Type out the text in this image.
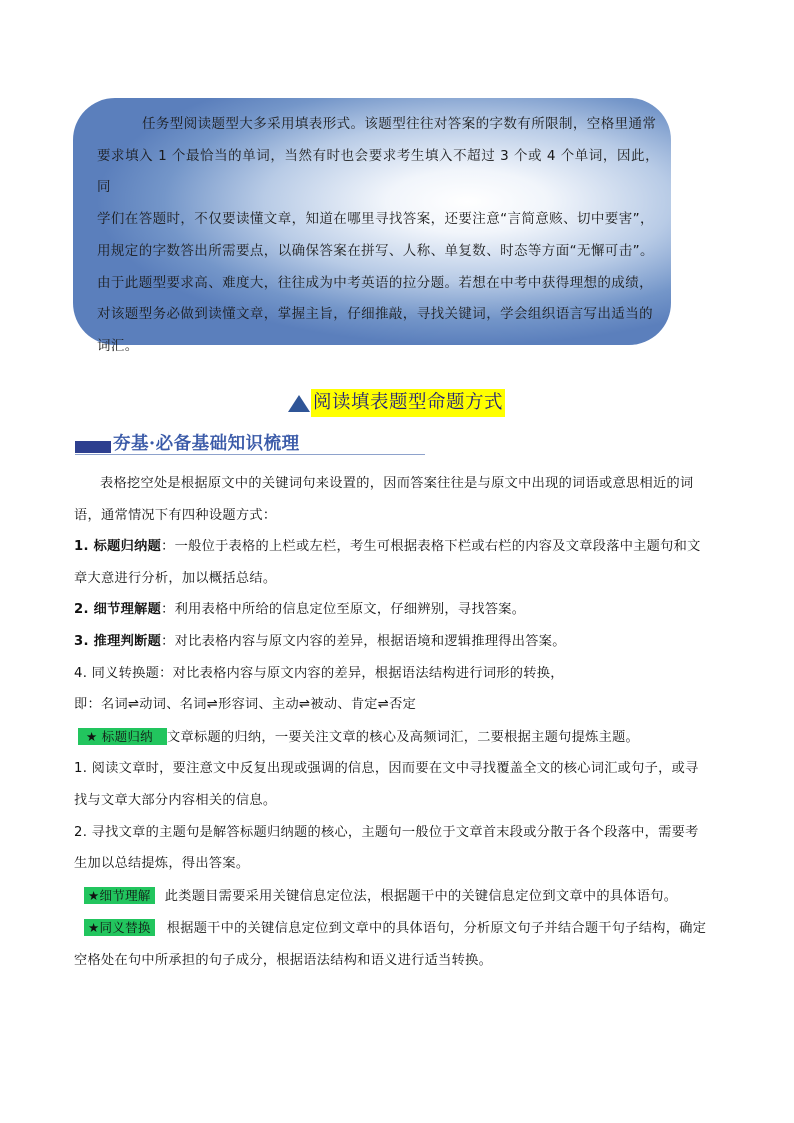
任务型阅读题型大多采用填表形式。该题型往往对答案的字数有所限制，空格里通常

要求填入 1 个最恰当的单词，当然有时也会要求考生填入不超过 3 个或 4 个单词，因此，同

学们在答题时，不仅要读懂文章，知道在哪里寻找答案，还要注意“言简意赅、切中要害”，

用规定的字数答出所需要点，以确保答案在拼写、人称、单复数、时态等方面“无懈可击”。

由于此题型要求高、难度大，往往成为中考英语的拉分题。若想在中考中获得理想的成绩，

对该题型务必做到读懂文章，掌握主旨，仔细推敲，寻找关键词，学会组织语言写出适当的

词汇。

阅读填表题型命题方式
夯基·必备基础知识梳理

表格挖空处是根据原文中的关键词句来设置的，因而答案往往是与原文中出现的词语或意思相近的词

语，通常情况下有四种设题方式：

1. 标题归纳题：一般位于表格的上栏或左栏，考生可根据表格下栏或右栏的内容及文章段落中主题句和文

章大意进行分析，加以概括总结。

2. 细节理解题：利用表格中所给的信息定位至原文，仔细辨别，寻找答案。

3. 推理判断题：对比表格内容与原文内容的差异，根据语境和逻辑推理得出答案。

4. 同义转换题：对比表格内容与原文内容的差异，根据语法结构进行词形的转换，

即：名词⇌动词、名词⇌形容词、主动⇌被动、肯定⇌否定

★ 标题归纳 文章标题的归纳，一要关注文章的核心及高频词汇，二要根据主题句提炼主题。

1. 阅读文章时，要注意文中反复出现或强调的信息，因而要在文中寻找覆盖全文的核心词汇或句子，或寻

找与文章大部分内容相关的信息。

2. 寻找文章的主题句是解答标题归纳题的核心，主题句一般位于文章首末段或分散于各个段落中，需要考

生加以总结提炼，得出答案。

★细节理解 此类题目需要采用关键信息定位法，根据题干中的关键信息定位到文章中的具体语句。

★同义替换 根据题干中的关键信息定位到文章中的具体语句，分析原文句子并结合题干句子结构，确定

空格处在句中所承担的句子成分，根据语法结构和语义进行适当转换。
